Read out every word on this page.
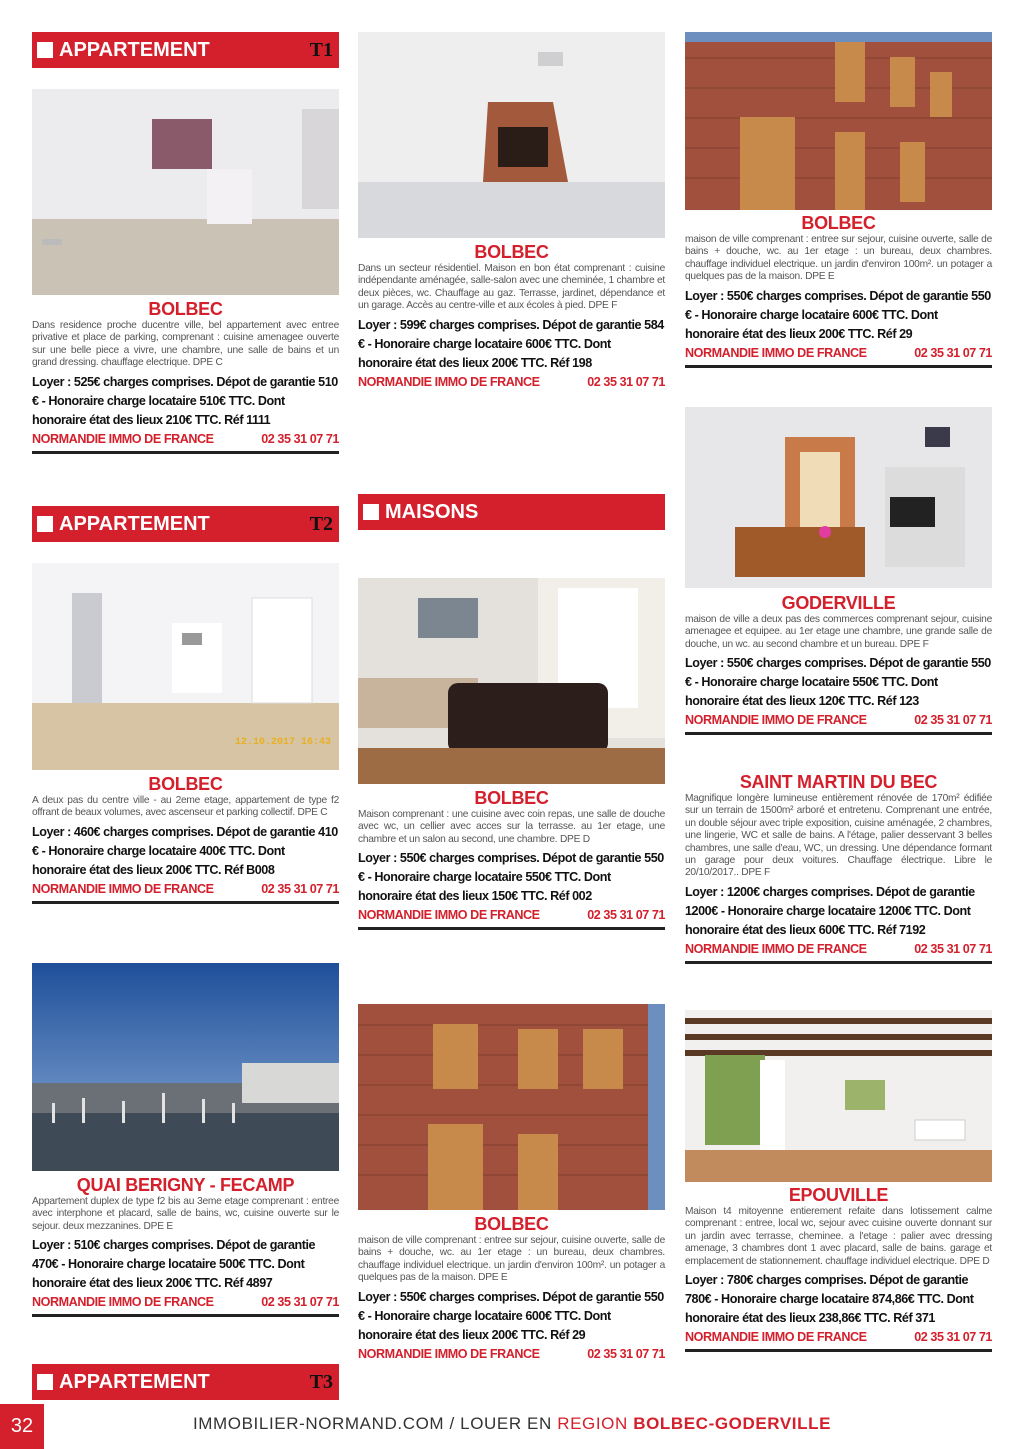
APPARTEMENT	T1
BOLBEC
Dans residence proche ducentre ville, bel appartement avec entree privative et place de parking, comprenant : cuisine amenagee ouverte sur une belle piece a vivre, une chambre, une salle de bains et un grand dressing. chauffage electrique. DPE C
Loyer : 525€ charges comprises. Dépot de garantie 510 € - Honoraire charge locataire 510€ TTC. Dont honoraire état des lieux 210€ TTC. Réf 1111
NORMANDIE IMMO DE FRANCE	02 35 31 07 71
APPARTEMENT	T2
12.10.2017 16:43
BOLBEC
A deux pas du centre ville - au 2eme etage, appartement de type f2 offrant de beaux volumes, avec ascenseur et parking collectif. DPE C
Loyer : 460€ charges comprises. Dépot de garantie 410 € - Honoraire charge locataire 400€ TTC. Dont honoraire état des lieux 200€ TTC. Réf B008
NORMANDIE IMMO DE FRANCE	02 35 31 07 71
QUAI BERIGNY - FECAMP
Appartement duplex de type f2 bis au 3eme etage comprenant : entree avec interphone et placard, salle de bains, wc, cuisine ouverte sur le sejour. deux mezzanines. DPE E
Loyer : 510€ charges comprises. Dépot de garantie 470€ - Honoraire charge locataire 500€ TTC. Dont honoraire état des lieux 200€ TTC. Réf 4897
NORMANDIE IMMO DE FRANCE	02 35 31 07 71
APPARTEMENT	T3
BOLBEC
Dans un secteur résidentiel. Maison en bon état comprenant : cuisine indépendante aménagée, salle-salon avec une cheminée, 1 chambre et deux pièces, wc. Chauffage au gaz. Terrasse, jardinet, dépendance et un garage. Accès au centre-ville et aux écoles à pied. DPE F
Loyer : 599€ charges comprises. Dépot de garantie 584 € - Honoraire charge locataire 600€ TTC. Dont honoraire état des lieux 200€ TTC. Réf 198
NORMANDIE IMMO DE FRANCE	02 35 31 07 71
MAISONS
BOLBEC
Maison comprenant : une cuisine avec coin repas, une salle de douche avec wc, un cellier avec acces sur la terrasse. au 1er etage, une chambre et un salon au second, une chambre. DPE D
Loyer : 550€ charges comprises. Dépot de garantie 550 € - Honoraire charge locataire 550€ TTC. Dont honoraire état des lieux 150€ TTC. Réf 002
NORMANDIE IMMO DE FRANCE	02 35 31 07 71
BOLBEC
maison de ville comprenant : entree sur sejour, cuisine ouverte, salle de bains + douche, wc. au 1er etage : un bureau, deux chambres. chauffage individuel electrique. un jardin d'environ 100m². un potager a quelques pas de la maison. DPE E
Loyer : 550€ charges comprises. Dépot de garantie 550 € - Honoraire charge locataire 600€ TTC. Dont honoraire état des lieux 200€ TTC. Réf 29
NORMANDIE IMMO DE FRANCE	02 35 31 07 71
BOLBEC
maison de ville comprenant : entree sur sejour, cuisine ouverte, salle de bains + douche, wc. au 1er etage : un bureau, deux chambres. chauffage individuel electrique. un jardin d'environ 100m². un potager a quelques pas de la maison. DPE E
Loyer : 550€ charges comprises. Dépot de garantie 550 € - Honoraire charge locataire 600€ TTC. Dont honoraire état des lieux 200€ TTC. Réf 29
NORMANDIE IMMO DE FRANCE	02 35 31 07 71
GODERVILLE
maison de ville a deux pas des commerces comprenant sejour, cuisine amenagee et equipee. au 1er etage une chambre, une grande salle de douche, un wc. au second chambre et un bureau. DPE F
Loyer : 550€ charges comprises. Dépot de garantie 550 € - Honoraire charge locataire 550€ TTC. Dont honoraire état des lieux 120€ TTC. Réf 123
NORMANDIE IMMO DE FRANCE	02 35 31 07 71
SAINT MARTIN DU BEC
Magnifique longère lumineuse entièrement rénovée de 170m² édifiée sur un terrain de 1500m² arboré et entretenu. Comprenant une entrée, un double séjour avec triple exposition, cuisine aménagée, 2 chambres, une lingerie, WC et salle de bains. A l'étage, palier desservant 3 belles chambres, une salle d'eau, WC, un dressing. Une dépendance formant un garage pour deux voitures. Chauffage électrique. Libre le 20/10/2017.. DPE F
Loyer : 1200€ charges comprises. Dépot de garantie 1200€ - Honoraire charge locataire 1200€ TTC. Dont honoraire état des lieux 600€ TTC. Réf 7192
NORMANDIE IMMO DE FRANCE	02 35 31 07 71
EPOUVILLE
Maison t4 mitoyenne entierement refaite dans lotissement calme comprenant : entree, local wc, sejour avec cuisine ouverte donnant sur un jardin avec terrasse, cheminee. a l'etage : palier avec dressing amenage, 3 chambres dont 1 avec placard, salle de bains. garage et emplacement de stationnement. chauffage individuel electrique. DPE D
Loyer : 780€ charges comprises. Dépot de garantie 780€ - Honoraire charge locataire 874,86€ TTC. Dont honoraire état des lieux 238,86€ TTC. Réf 371
NORMANDIE IMMO DE FRANCE	02 35 31 07 71
32	IMMOBILIER-NORMAND.COM / LOUER EN REGION BOLBEC-GODERVILLE
